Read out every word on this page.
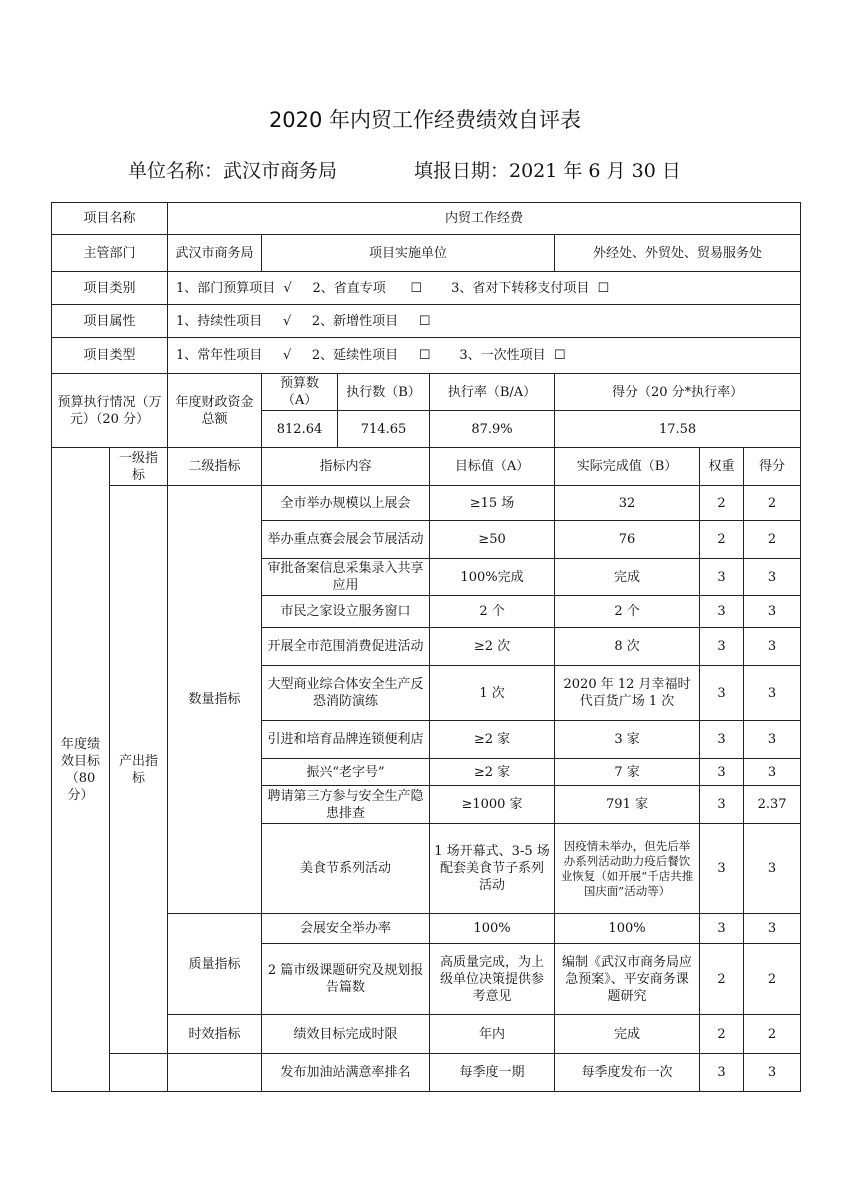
2020 年内贸工作经费绩效自评表
单位名称：武汉市商务局	填报日期：2021 年 6 月 30 日
项目名称		内贸工作经费						
主管部门		武汉市商务局	项目实施单位			外经处、外贸处、贸易服务处		
项目类别		1、部门预算项目  √     2、省直专项      ☐       3、省对下转移支付项目  ☐						
项目属性		1、持续性项目     √     2、新增性项目     ☐						
项目类型		1、常年性项目     √     2、延续性项目     ☐       3、一次性项目  ☐						
预算执行情况（万元）（20 分）		年度财政资金总额	预算数（A）	执行数（B）	执行率（B/A）	得分（20 分*执行率）		
			812.64	714.65	87.9%	17.58		
年度绩效目标（80 分）	一级指标	二级指标	指标内容		目标值（A）	实际完成值（B）	权重	得分
	产出指标	数量指标	全市举办规模以上展会		≥15 场	32	2	2
			举办重点赛会展会节展活动		≥50	76	2	2
			审批备案信息采集录入共享应用		100%完成	完成	3	3
			市民之家设立服务窗口		2 个	2 个	3	3
			开展全市范围消费促进活动		≥2 次	8 次	3	3
			大型商业综合体安全生产反恐消防演练		1 次	2020 年 12 月幸福时代百货广场 1 次	3	3
			引进和培育品牌连锁便利店		≥2 家	3 家	3	3
			振兴“老字号”		≥2 家	7 家	3	3
			聘请第三方参与安全生产隐患排查		≥1000 家	791 家	3	2.37
			美食节系列活动		1 场开幕式、3-5 场配套美食节子系列活动	因疫情未举办，但先后举办系列活动助力疫后餐饮业恢复（如开展“千店共推国庆面”活动等）	3	3
		质量指标	会展安全举办率		100%	100%	3	3
			2 篇市级课题研究及规划报告篇数		高质量完成，为上级单位决策提供参考意见	编制《武汉市商务局应急预案》、平安商务课题研究	2	2
		时效指标	绩效目标完成时限		年内	完成	2	2
			发布加油站满意率排名		每季度一期	每季度发布一次	3	3
